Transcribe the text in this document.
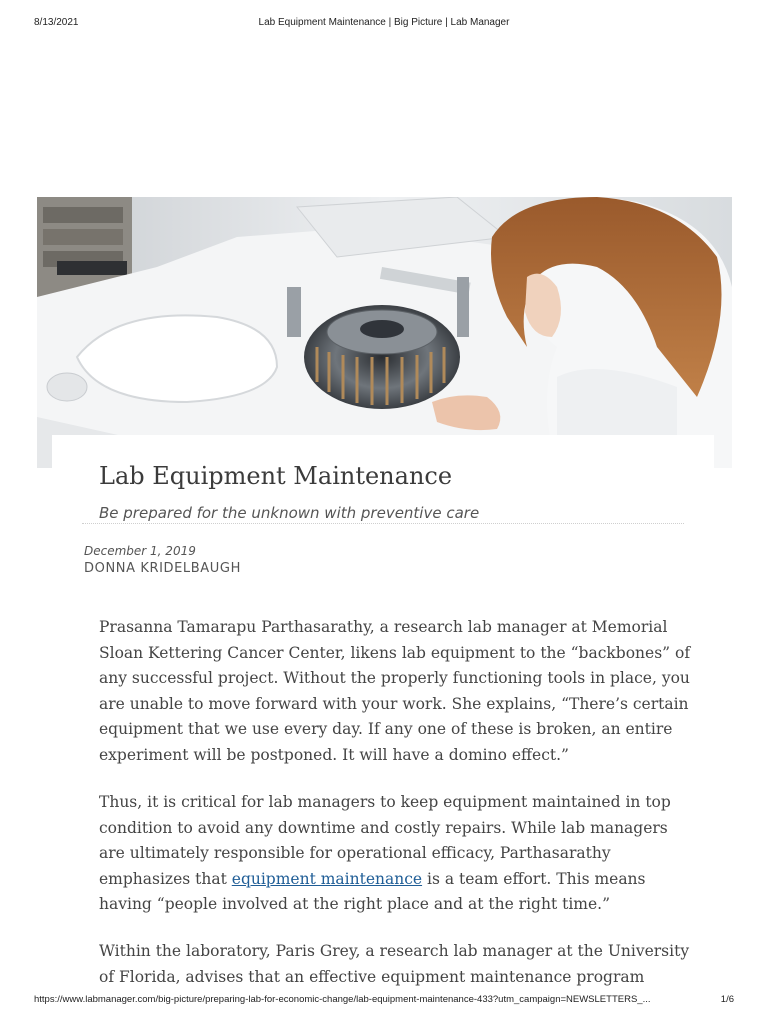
8/13/2021	Lab Equipment Maintenance | Big Picture | Lab Manager
Lab Equipment Maintenance
Be prepared for the unknown with preventive care
December 1, 2019
DONNA KRIDELBAUGH

Prasanna Tamarapu Parthasarathy, a research lab manager at Memorial
Sloan Kettering Cancer Center, likens lab equipment to the “backbones” of
any successful project. Without the properly functioning tools in place, you
are unable to move forward with your work. She explains, “There’s certain
equipment that we use every day. If any one of these is broken, an entire
experiment will be postponed. It will have a domino effect.”

Thus, it is critical for lab managers to keep equipment maintained in top
condition to avoid any downtime and costly repairs. While lab managers
are ultimately responsible for operational efficacy, Parthasarathy
emphasizes that equipment maintenance is a team effort. This means
having “people involved at the right place and at the right time.”

Within the laboratory, Paris Grey, a research lab manager at the University
of Florida, advises that an effective equipment maintenance program

https://www.labmanager.com/big-picture/preparing-lab-for-economic-change/lab-equipment-maintenance-433?utm_campaign=NEWSLETTERS_...	1/6
